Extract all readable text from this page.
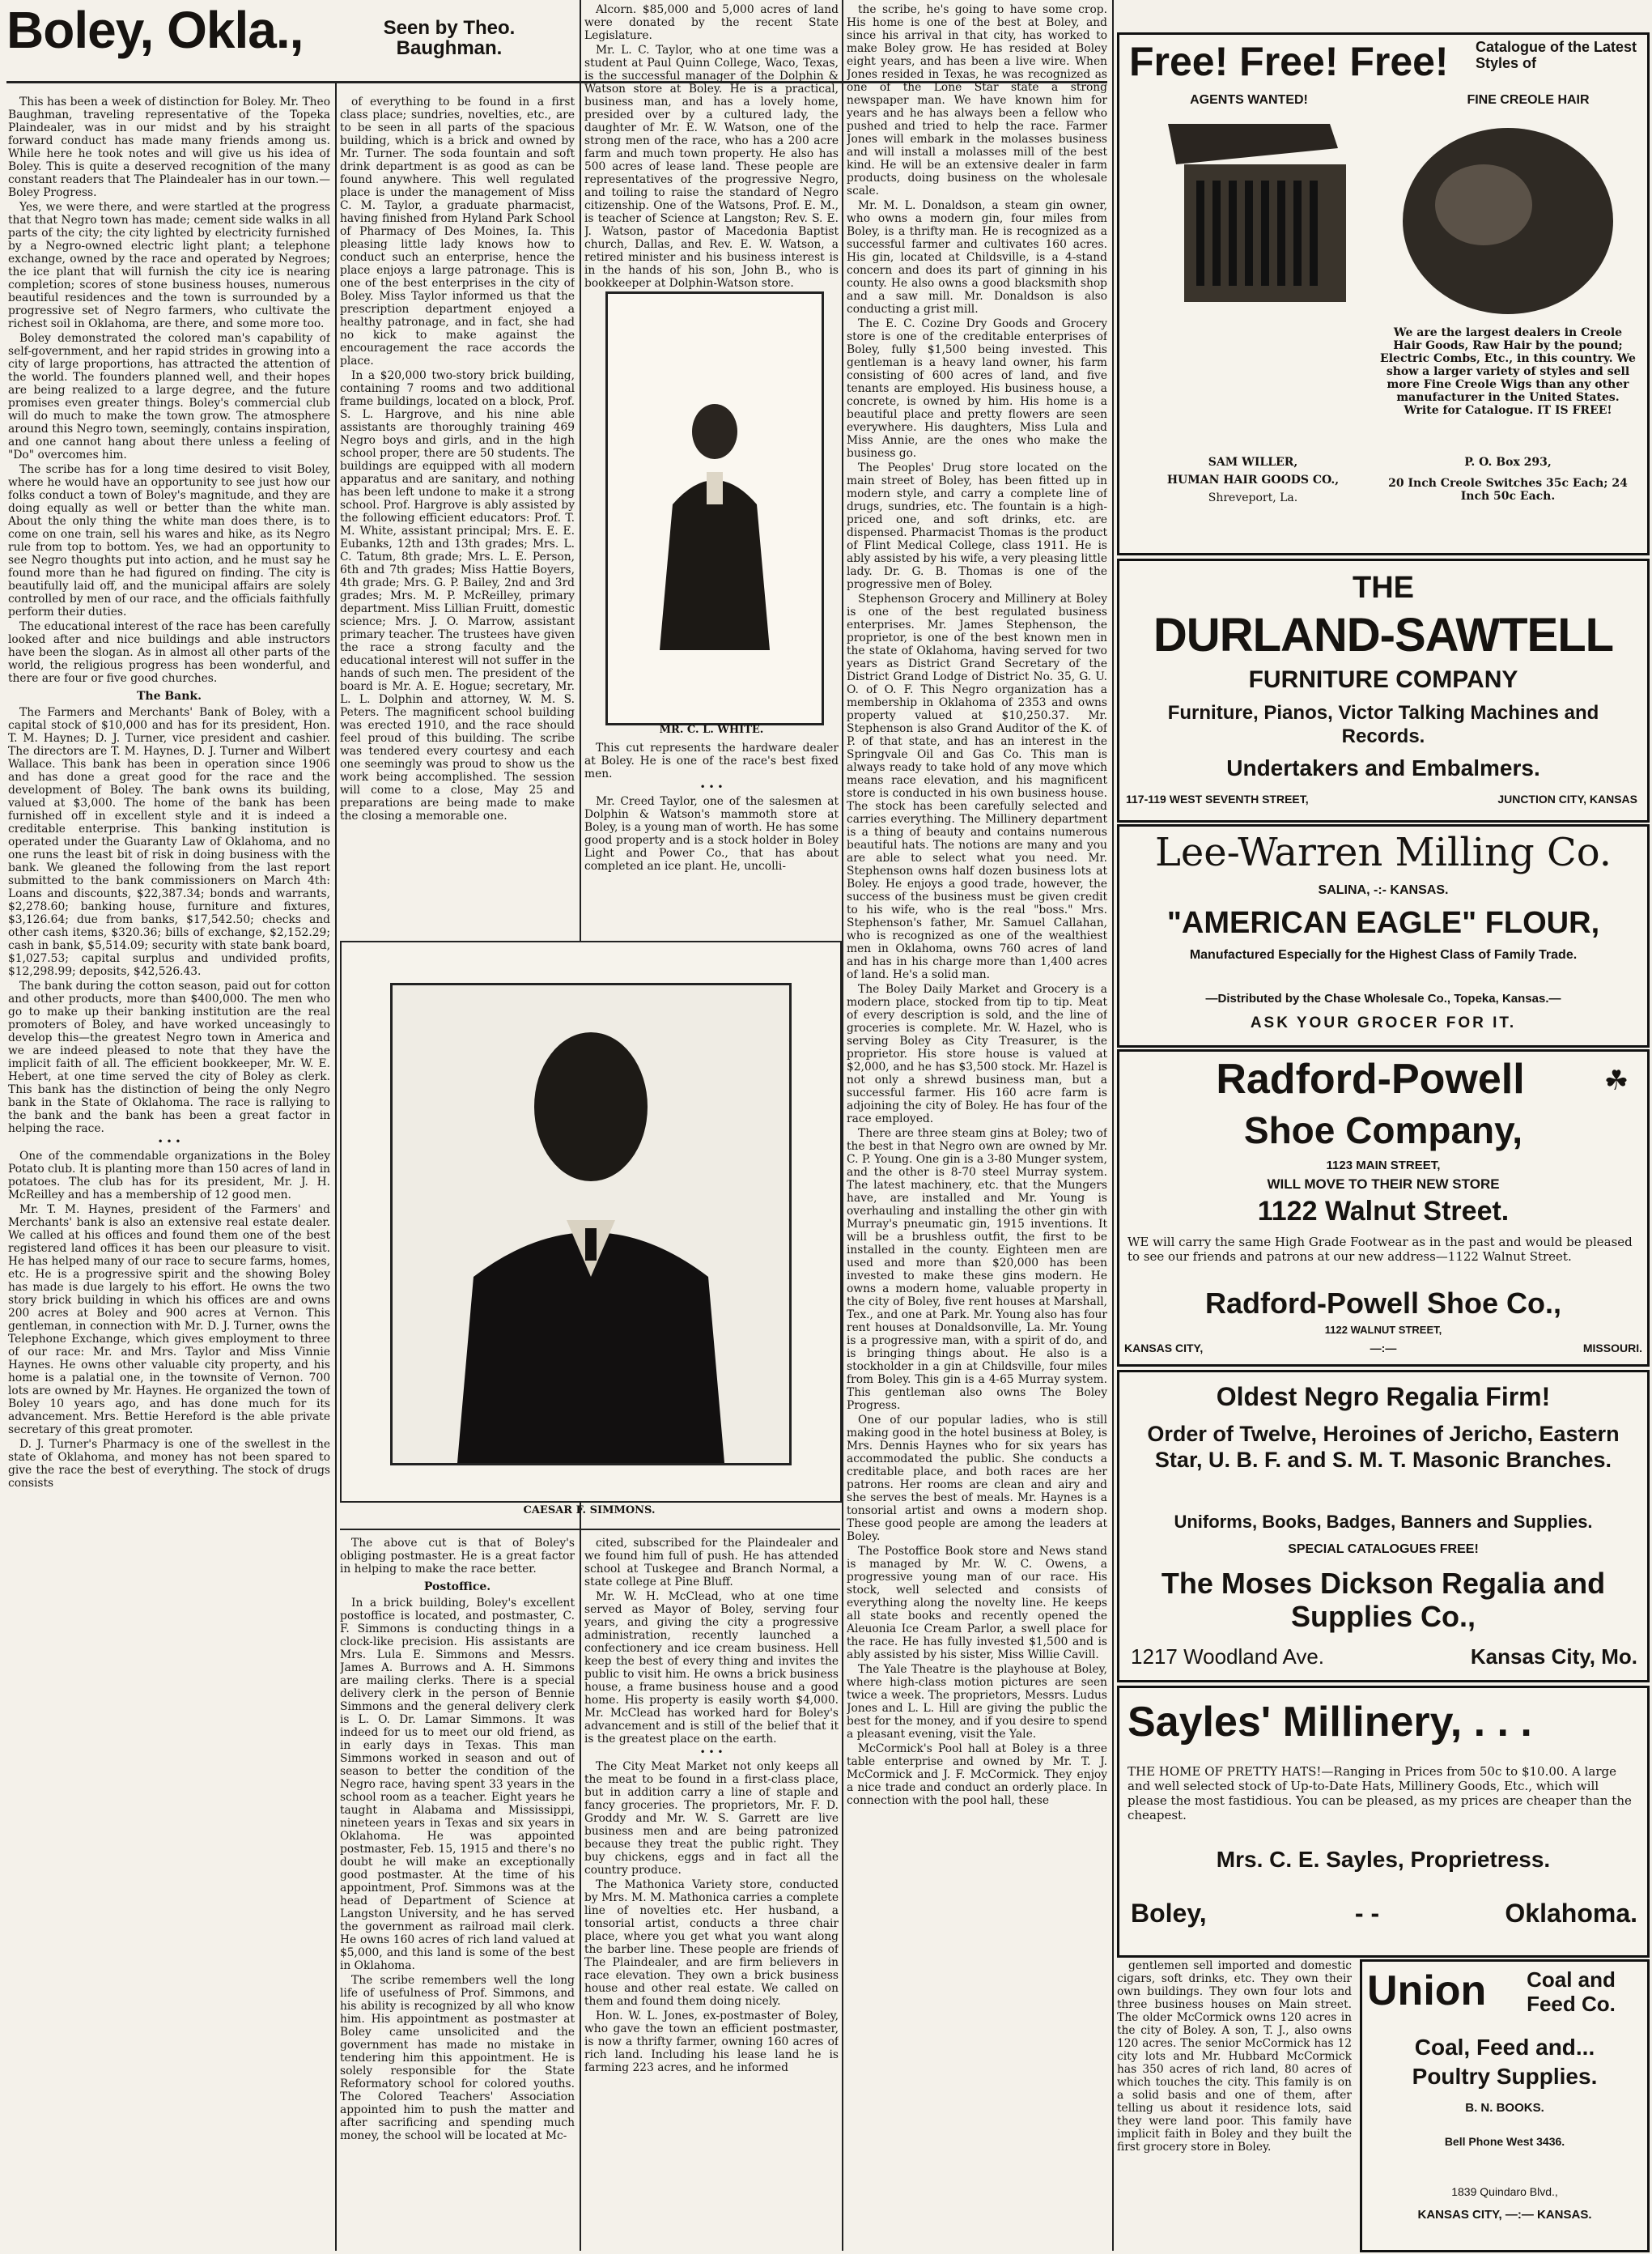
Boley, Okla.,	Seen by Theo. Baughman.

This has been a week of distinction for Boley. Mr. Theo Baughman, traveling representative of the Topeka Plaindealer, was in our midst and by his straight forward conduct has made many friends among us. While here he took notes and will give us his idea of Boley. This is quite a deserved recognition of the many constant readers that The Plaindealer has in our town.—Boley Progress.

Yes, we were there, and were startled at the progress that that Negro town has made; cement side walks in all parts of the city; the city lighted by electricity furnished by a Negro-owned electric light plant; a telephone exchange, owned by the race and operated by Negroes; the ice plant that will furnish the city ice is nearing completion; scores of stone business houses, numerous beautiful residences and the town is surrounded by a progressive set of Negro farmers, who cultivate the richest soil in Oklahoma, are there, and some more too.

Boley demonstrated the colored man's capability of self-government, and her rapid strides in growing into a city of large proportions, has attracted the attention of the world. The founders planned well, and their hopes are being realized to a large degree, and the future promises even greater things. Boley's commercial club will do much to make the town grow. The atmosphere around this Negro town, seemingly, contains inspiration, and one cannot hang about there unless a feeling of "Do" overcomes him.

The scribe has for a long time desired to visit Boley, where he would have an opportunity to see just how our folks conduct a town of Boley's magnitude, and they are doing equally as well or better than the white man. About the only thing the white man does there, is to come on one train, sell his wares and hike, as its Negro rule from top to bottom. Yes, we had an opportunity to see Negro thoughts put into action, and he must say he found more than he had figured on finding. The city is beautifully laid off, and the municipal affairs are solely controlled by men of our race, and the officials faithfully perform their duties.

The educational interest of the race has been carefully looked after and nice buildings and able instructors have been the slogan. As in almost all other parts of the world, the religious progress has been wonderful, and there are four or five good churches.

The Bank.

The Farmers and Merchants' Bank of Boley, with a capital stock of $10,000 and has for its president, Hon. T. M. Haynes; D. J. Turner, vice president and cashier. The directors are T. M. Haynes, D. J. Turner and Wilbert Wallace. This bank has been in operation since 1906 and has done a great good for the race and the development of Boley. The bank owns its building, valued at $3,000. The home of the bank has been furnished off in excellent style and it is indeed a creditable enterprise. This banking institution is operated under the Guaranty Law of Oklahoma, and no one runs the least bit of risk in doing business with the bank. We gleaned the following from the last report submitted to the bank commissioners on March 4th: Loans and discounts, $22,387.34; bonds and warrants, $2,278.60; banking house, furniture and fixtures, $3,126.64; due from banks, $17,542.50; checks and other cash items, $320.36; bills of exchange, $2,152.29; cash in bank, $5,514.09; security with state bank board, $1,027.53; capital surplus and undivided profits, $12,298.99; deposits, $42,526.43.

The bank during the cotton season, paid out for cotton and other products, more than $400,000. The men who go to make up their banking institution are the real promoters of Boley, and have worked unceasingly to develop this—the greatest Negro town in America and we are indeed pleased to note that they have the implicit faith of all. The efficient bookkeeper, Mr. W. E. Hebert, at one time served the city of Boley as clerk. This bank has the distinction of being the only Negro bank in the State of Oklahoma. The race is rallying to the bank and the bank has been a great factor in helping the race.

• • •

One of the commendable organizations in the Boley Potato club. It is planting more than 150 acres of land in potatoes. The club has for its president, Mr. J. H. McReilley and has a membership of 12 good men.

Mr. T. M. Haynes, president of the Farmers' and Merchants' bank is also an extensive real estate dealer. We called at his offices and found them one of the best registered land offices it has been our pleasure to visit. He has helped many of our race to secure farms, homes, etc. He is a progressive spirit and the showing Boley has made is due largely to his effort. He owns the two story brick building in which his offices are and owns 200 acres at Boley and 900 acres at Vernon. This gentleman, in connection with Mr. D. J. Turner, owns the Telephone Exchange, which gives employment to three of our race: Mr. and Mrs. Taylor and Miss Vinnie Haynes. He owns other valuable city property, and his home is a palatial one, in the townsite of Vernon. 700 lots are owned by Mr. Haynes. He organized the town of Boley 10 years ago, and has done much for its advancement. Mrs. Bettie Hereford is the able private secretary of this great promoter.

D. J. Turner's Pharmacy is one of the swellest in the state of Oklahoma, and money has not been spared to give the race the best of everything. The stock of drugs consists

of everything to be found in a first class place; sundries, novelties, etc., are to be seen in all parts of the spacious building, which is a brick and owned by Mr. Turner. The soda fountain and soft drink department is as good as can be found anywhere. This well regulated place is under the management of Miss C. M. Taylor, a graduate pharmacist, having finished from Hyland Park School of Pharmacy of Des Moines, Ia. This pleasing little lady knows how to conduct such an enterprise, hence the place enjoys a large patronage. This is one of the best enterprises in the city of Boley. Miss Taylor informed us that the prescription department enjoyed a healthy patronage, and in fact, she had no kick to make against the encouragement the race accords the place.

In a $20,000 two-story brick building, containing 7 rooms and two additional frame buildings, located on a block, Prof. S. L. Hargrove, and his nine able assistants are thoroughly training 469 Negro boys and girls, and in the high school proper, there are 50 students. The buildings are equipped with all modern apparatus and are sanitary, and nothing has been left undone to make it a strong school. Prof. Hargrove is ably assisted by the following efficient educators: Prof. T. M. White, assistant principal; Mrs. E. E. Eubanks, 12th and 13th grades; Mrs. L. C. Tatum, 8th grade; Mrs. L. E. Person, 6th and 7th grades; Miss Hattie Boyers, 4th grade; Mrs. G. P. Bailey, 2nd and 3rd grades; Mrs. M. P. McReilley, primary department. Miss Lillian Fruitt, domestic science; Mrs. J. O. Marrow, assistant primary teacher. The trustees have given the race a strong faculty and the educational interest will not suffer in the hands of such men. The president of the board is Mr. A. E. Hogue; secretary, Mr. L. L. Dolphin and attorney, W. M. S. Peters. The magnificent school building was erected 1910, and the race should feel proud of this building. The scribe was tendered every courtesy and each one seemingly was proud to show us the work being accomplished. The session will come to a close, May 25 and preparations are being made to make the closing a memorable one.

Alcorn. $85,000 and 5,000 acres of land were donated by the recent State Legislature.

Mr. L. C. Taylor, who at one time was a student at Paul Quinn College, Waco, Texas, is the successful manager of the Dolphin & Watson store at Boley. He is a practical, business man, and has a lovely home, presided over by a cultured lady, the daughter of Mr. E. W. Watson, one of the strong men of the race, who has a 200 acre farm and much town property. He also has 500 acres of lease land. These people are representatives of the progressive Negro, and toiling to raise the standard of Negro citizenship. One of the Watsons, Prof. E. M., is teacher of Science at Langston; Rev. S. E. J. Watson, pastor of Macedonia Baptist church, Dallas, and Rev. E. W. Watson, a retired minister and his business interest is in the hands of his son, John B., who is bookkeeper at Dolphin-Watson store.

MR. C. L. WHITE.

This cut represents the hardware dealer at Boley. He is one of the race's best fixed men.

• • •

Mr. Creed Taylor, one of the salesmen at Dolphin & Watson's mammoth store at Boley, is a young man of worth. He has some good property and is a stock holder in Boley Light and Power Co., that has about completed an ice plant. He, uncolli-

CAESAR F. SIMMONS.

The above cut is that of Boley's obliging postmaster. He is a great factor in helping to make the race better.

Postoffice.

In a brick building, Boley's excellent postoffice is located, and postmaster, C. F. Simmons is conducting things in a clock-like precision. His assistants are Mrs. Lula E. Simmons and Messrs. James A. Burrows and A. H. Simmons are mailing clerks. There is a special delivery clerk in the person of Bennie Simmons and the general delivery clerk is L. O. Dr. Lamar Simmons. It was indeed for us to meet our old friend, as in early days in Texas. This man Simmons worked in season and out of season to better the condition of the Negro race, having spent 33 years in the school room as a teacher. Eight years he taught in Alabama and Mississippi, nineteen years in Texas and six years in Oklahoma. He was appointed postmaster, Feb. 15, 1915 and there's no doubt he will make an exceptionally good postmaster. At the time of his appointment, Prof. Simmons was at the head of Department of Science at Langston University, and he has served the government as railroad mail clerk. He owns 160 acres of rich land valued at $5,000, and this land is some of the best in Oklahoma.

The scribe remembers well the long life of usefulness of Prof. Simmons, and his ability is recognized by all who know him. His appointment as postmaster at Boley came unsolicited and the government has made no mistake in tendering him this appointment. He is solely responsible for the State Reformatory school for colored youths. The Colored Teachers' Association appointed him to push the matter and after sacrificing and spending much money, the school will be located at Mc-

cited, subscribed for the Plaindealer and we found him full of push. He has attended school at Tuskegee and Branch Normal, a state college at Pine Bluff.

Mr. W. H. McClead, who at one time served as Mayor of Boley, serving four years, and giving the city a progressive administration, recently launched a confectionery and ice cream business. Hell keep the best of every thing and invites the public to visit him. He owns a brick business house, a frame business house and a good home. His property is easily worth $4,000. Mr. McClead has worked hard for Boley's advancement and is still of the belief that it is the greatest place on the earth.

• • •

The City Meat Market not only keeps all the meat to be found in a first-class place, but in addition carry a line of staple and fancy groceries. The proprietors, Mr. F. D. Groddy and Mr. W. S. Garrett are live business men and are being patronized because they treat the public right. They buy chickens, eggs and in fact all the country produce.

The Mathonica Variety store, conducted by Mrs. M. M. Mathonica carries a complete line of novelties etc. Her husband, a tonsorial artist, conducts a three chair place, where you get what you want along the barber line. These people are friends of The Plaindealer, and are firm believers in race elevation. They own a brick business house and other real estate. We called on them and found them doing nicely.

Hon. W. L. Jones, ex-postmaster of Boley, who gave the town an efficient postmaster, is now a thrifty farmer, owning 160 acres of rich land. Including his lease land he is farming 223 acres, and he informed

the scribe, he's going to have some crop. His home is one of the best at Boley, and since his arrival in that city, has worked to make Boley grow. He has resided at Boley eight years, and has been a live wire. When Jones resided in Texas, he was recognized as one of the Lone Star state a strong newspaper man. We have known him for years and he has always been a fellow who pushed and tried to help the race. Farmer Jones will embark in the molasses business and will install a molasses mill of the best kind. He will be an extensive dealer in farm products, doing business on the wholesale scale.

Mr. M. L. Donaldson, a steam gin owner, who owns a modern gin, four miles from Boley, is a thrifty man. He is recognized as a successful farmer and cultivates 160 acres. His gin, located at Childsville, is a 4-stand concern and does its part of ginning in his county. He also owns a good blacksmith shop and a saw mill. Mr. Donaldson is also conducting a grist mill.

The E. C. Cozine Dry Goods and Grocery store is one of the creditable enterprises of Boley, fully $1,500 being invested. This gentleman is a heavy land owner, his farm consisting of 600 acres of land, and five tenants are employed. His business house, a concrete, is owned by him. His home is a beautiful place and pretty flowers are seen everywhere. His daughters, Miss Lula and Miss Annie, are the ones who make the business go.

The Peoples' Drug store located on the main street of Boley, has been fitted up in modern style, and carry a complete line of drugs, sundries, etc. The fountain is a high-priced one, and soft drinks, etc. are dispensed. Pharmacist Thomas is the product of Flint Medical College, class 1911. He is ably assisted by his wife, a very pleasing little lady. Dr. G. B. Thomas is one of the progressive men of Boley.

Stephenson Grocery and Millinery at Boley is one of the best regulated business enterprises. Mr. James Stephenson, the proprietor, is one of the best known men in the state of Oklahoma, having served for two years as District Grand Secretary of the District Grand Lodge of District No. 35, G. U. O. of O. F. This Negro organization has a membership in Oklahoma of 2353 and owns property valued at $10,250.37. Mr. Stephenson is also Grand Auditor of the K. of P. of that state, and has an interest in the Springvale Oil and Gas Co. This man is always ready to take hold of any move which means race elevation, and his magnificent store is conducted in his own business house. The stock has been carefully selected and carries everything. The Millinery department is a thing of beauty and contains numerous beautiful hats. The notions are many and you are able to select what you need. Mr. Stephenson owns half dozen business lots at Boley. He enjoys a good trade, however, the success of the business must be given credit to his wife, who is the real "boss." Mrs. Stephenson's father, Mr. Samuel Callahan, who is recognized as one of the wealthiest men in Oklahoma, owns 760 acres of land and has in his charge more than 1,400 acres of land. He's a solid man.

The Boley Daily Market and Grocery is a modern place, stocked from tip to tip. Meat of every description is sold, and the line of groceries is complete. Mr. W. Hazel, who is serving Boley as City Treasurer, is the proprietor. His store house is valued at $2,000, and he has $3,500 stock. Mr. Hazel is not only a shrewd business man, but a successful farmer. His 160 acre farm is adjoining the city of Boley. He has four of the race employed.

There are three steam gins at Boley; two of the best in that Negro own are owned by Mr. C. P. Young. One gin is a 3-80 Munger system, and the other is 8-70 steel Murray system. The latest machinery, etc. that the Mungers have, are installed and Mr. Young is overhauling and installing the other gin with Murray's pneumatic gin, 1915 inventions. It will be a brushless outfit, the first to be installed in the county. Eighteen men are used and more than $20,000 has been invested to make these gins modern. He owns a modern home, valuable property in the city of Boley, five rent houses at Marshall, Tex., and one at Park. Mr. Young also has four rent houses at Donaldsonville, La. Mr. Young is a progressive man, with a spirit of do, and is bringing things about. He also is a stockholder in a gin at Childsville, four miles from Boley. This gin is a 4-65 Murray system. This gentleman also owns The Boley Progress.

One of our popular ladies, who is still making good in the hotel business at Boley, is Mrs. Dennis Haynes who for six years has accommodated the public. She conducts a creditable place, and both races are her patrons. Her rooms are clean and airy and she serves the best of meals. Mr. Haynes is a tonsorial artist and owns a modern shop. These good people are among the leaders at Boley.

The Postoffice Book store and News stand is managed by Mr. W. C. Owens, a progressive young man of our race. His stock, well selected and consists of everything along the novelty line. He keeps all state books and recently opened the Aleuonia Ice Cream Parlor, a swell place for the race. He has fully invested $1,500 and is ably assisted by his sister, Miss Willie Cavill.

The Yale Theatre is the playhouse at Boley, where high-class motion pictures are seen twice a week. The proprietors, Messrs. Ludus Jones and L. L. Hill are giving the public the best for the money, and if you desire to spend a pleasant evening, visit the Yale.

McCormick's Pool hall at Boley is a three table enterprise and owned by Mr. T. J. McCormick and J. F. McCormick. They enjoy a nice trade and conduct an orderly place. In connection with the pool hall, these

Free! Free! Free!	Catalogue of the Latest Styles of
AGENTS WANTED!	FINE CREOLE HAIR
We are the largest dealers in Creole Hair Goods, Raw Hair by the pound; Electric Combs, Etc., in this country. We show a larger variety of styles and sell more Fine Creole Wigs than any other manufacturer in the United States. Write for Catalogue. IT IS FREE!
SAM WILLER,
HUMAN HAIR GOODS CO.,
Shreveport, La.
P. O. Box 293,
20 Inch Creole Switches 35c Each; 24 Inch 50c Each.
THE
DURLAND-SAWTELL
FURNITURE COMPANY
Furniture, Pianos, Victor Talking Machines and Records.
Undertakers and Embalmers.
117-119 WEST SEVENTH STREET,	JUNCTION CITY, KANSAS
Lee-Warren Milling Co.
SALINA, -:- KANSAS.
"AMERICAN EAGLE" FLOUR,
Manufactured Especially for the Highest Class of Family Trade.
—Distributed by the Chase Wholesale Co., Topeka, Kansas.—
ASK YOUR GROCER FOR IT.
Radford-Powell	☘
Shoe Company,
1123 MAIN STREET,
WILL MOVE TO THEIR NEW STORE
1122 Walnut Street.
WE will carry the same High Grade Footwear as in the past and would be pleased to see our friends and patrons at our new address—1122 Walnut Street.
Radford-Powell Shoe Co.,
1122 WALNUT STREET,
KANSAS CITY,	—:—	MISSOURI.
Oldest Negro Regalia Firm!
Order of Twelve, Heroines of Jericho, Eastern Star, U. B. F. and S. M. T. Masonic Branches.
Uniforms, Books, Badges, Banners and Supplies.
SPECIAL CATALOGUES FREE!
The Moses Dickson Regalia and Supplies Co.,
1217 Woodland Ave.	Kansas City, Mo.
Sayles' Millinery, . . .
THE HOME OF PRETTY HATS!—Ranging in Prices from 50c to $10.00. A large and well selected stock of Up-to-Date Hats, Millinery Goods, Etc., which will please the most fastidious. You can be pleased, as my prices are cheaper than the cheapest.
Mrs. C. E. Sayles, Proprietress.
Boley,	- -	Oklahoma.

gentlemen sell imported and domestic cigars, soft drinks, etc. They own their own buildings. They own four lots and three business houses on Main street. The older McCormick owns 120 acres in the city of Boley. A son, T. J., also owns 120 acres. The senior McCormick has 12 city lots and Mr. Hubbard McCormick has 350 acres of rich land, 80 acres of which touches the city. This family is on a solid basis and one of them, after telling us about it residence lots, said they were land poor. This family have implicit faith in Boley and they built the first grocery store in Boley.

Union	Coal and Feed Co.
Coal, Feed and...
Poultry Supplies.
B. N. BOOKS.
Bell Phone West 3436.
1839 Quindaro Blvd.,
KANSAS CITY, —:— KANSAS.
